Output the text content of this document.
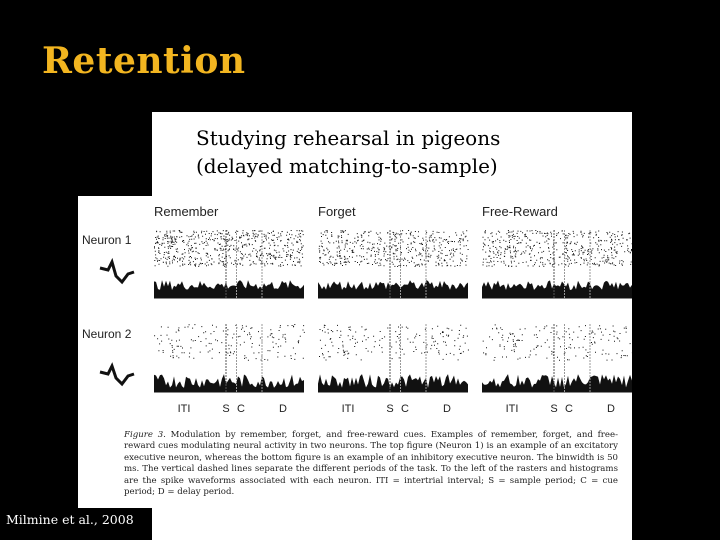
Retention
Studying rehearsal in pigeons
(delayed matching-to-sample)
Remember	Forget	Free-Reward
Neuron 1
Neuron 2
ITI	S C	D	ITI	S C	D	ITI	S C	D
Figure 3. Modulation by remember, forget, and free-reward cues. Examples of remember, forget, and free-reward cues modulating neural activity in two neurons. The top figure (Neuron 1) is an example of an excitatory executive neuron, whereas the bottom figure is an example of an inhibitory executive neuron. The binwidth is 50 ms. The vertical dashed lines separate the different periods of the task. To the left of the rasters and histograms are the spike waveforms associated with each neuron. ITI = intertrial interval; S = sample period; C = cue period; D = delay period.
Milmine et al., 2008
